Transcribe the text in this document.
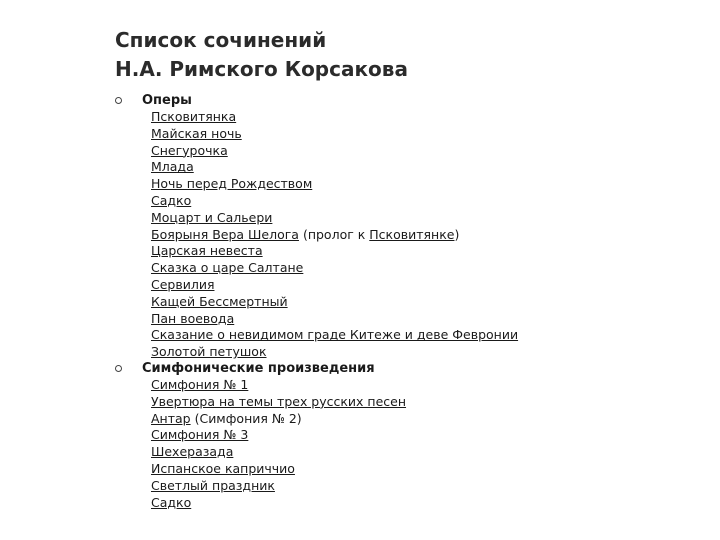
Список сочинений
Н.А. Римского Корсакова
Оперы
Псковитянка
Майская ночь
Снегурочка
Млада
Ночь перед Рождеством
Садко
Моцарт и Сальери
Боярыня Вера Шелога (пролог к Псковитянке)
Царская невеста
Сказка о царе Салтане
Сервилия
Кащей Бессмертный
Пан воевода
Сказание о невидимом граде Китеже и деве Февронии
Золотой петушок
Симфонические произведения
Симфония № 1
Увертюра на темы трех русских песен
Антар (Симфония № 2)
Симфония № 3
Шехеразада
Испанское каприччио
Светлый праздник
Садко
